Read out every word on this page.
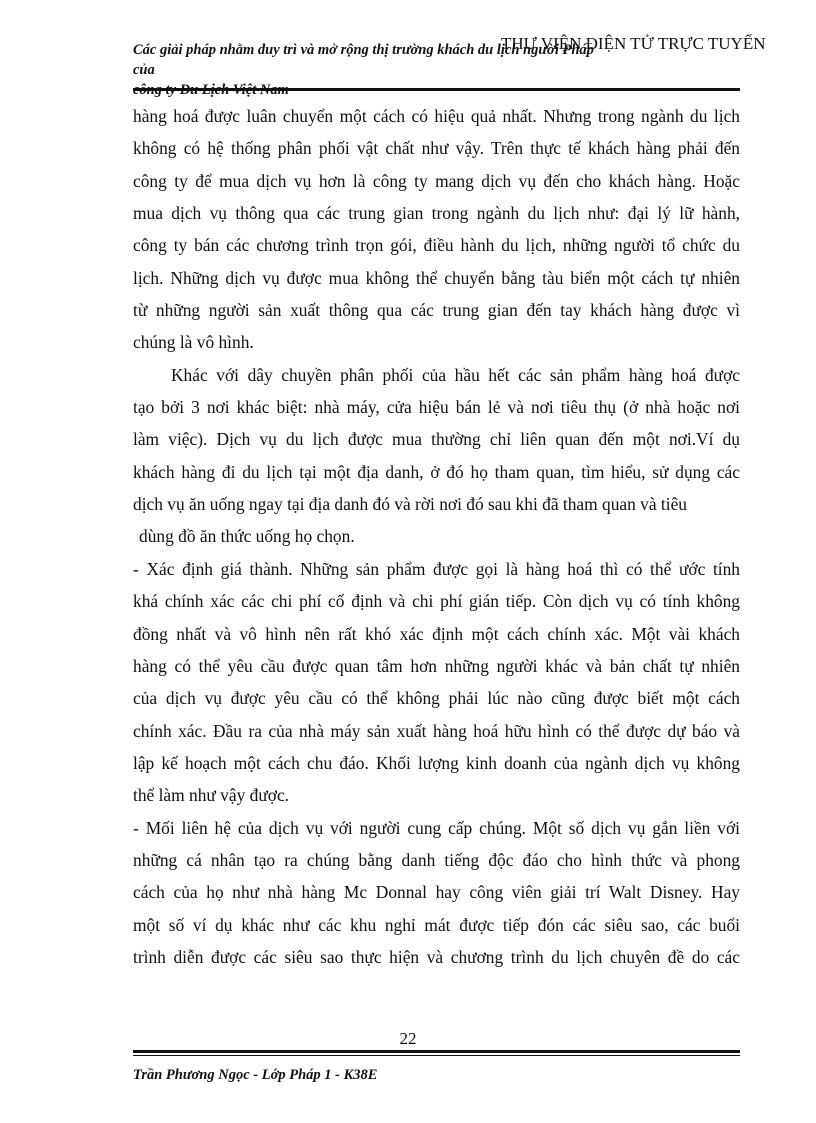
Các giải pháp nhằm duy trì và mở rộng thị trường khách du lịch người Pháp của
THƯ VIỆN ĐIỆN TỬ TRỰC TUYẾN
hàng hoá được luân chuyển một cách có hiệu quả nhất. Nhưng trong ngành du lịch
không có hệ thống phân phối vật chất như vậy. Trên thực tế khách hàng phải đến
công ty để mua dịch vụ hơn là công ty mang dịch vụ đến cho khách hàng. Hoặc
mua dịch vụ thông qua các trung gian trong ngành du lịch như: đại lý lữ hành,
công ty bán các chương trình trọn gói, điều hành du lịch, những người tổ chức du
lịch. Những dịch vụ được mua không thể chuyển bằng tàu biển một cách tự nhiên
từ những người sản xuất thông qua các trung gian đến tay khách hàng được vì
chúng là vô hình.
Khác với dây chuyền phân phối của hầu hết các sản phẩm hàng hoá được
tạo bởi 3 nơi khác biệt: nhà máy, cửa hiệu bán lẻ và nơi tiêu thụ (ở nhà hoặc nơi
làm việc). Dịch vụ du lịch được mua thường chỉ liên quan đến một nơi.Ví dụ
khách hàng đi du lịch tại một địa danh, ở đó họ tham quan, tìm hiểu, sử dụng các
dịch vụ ăn uống ngay tại địa danh đó và rời nơi đó sau khi đã tham quan và tiêu
dùng đồ ăn thức uống họ chọn.
- Xác định giá thành. Những sản phẩm được gọi là hàng hoá thì có thể ước tính
khá chính xác các chi phí cố định và chi phí gián tiếp. Còn dịch vụ có tính không
đồng nhất và vô hình nên rất khó xác định một cách chính xác. Một vài khách
hàng có thể yêu cầu được quan tâm hơn những người khác và bản chất tự nhiên
của dịch vụ được yêu cầu có thể không phải lúc nào cũng được biết một cách
chính xác. Đầu ra của nhà máy sản xuất hàng hoá hữu hình có thể được dự báo và
lập kế hoạch một cách chu đáo. Khối lượng kinh doanh của ngành dịch vụ không
thể làm như vậy được.
- Mối liên hệ của dịch vụ với người cung cấp chúng. Một số dịch vụ gắn liền với
những cá nhân tạo ra chúng bằng danh tiếng độc đáo cho hình thức và phong
cách của họ như nhà hàng Mc Donnal hay công viên giải trí Walt Disney. Hay
một số ví dụ khác như các khu nghỉ mát được tiếp đón các siêu sao, các buổi
trình diễn được các siêu sao thực hiện và chương trình du lịch chuyên đề do các
22
Trần Phương Ngọc - Lớp Pháp 1 - K38E
